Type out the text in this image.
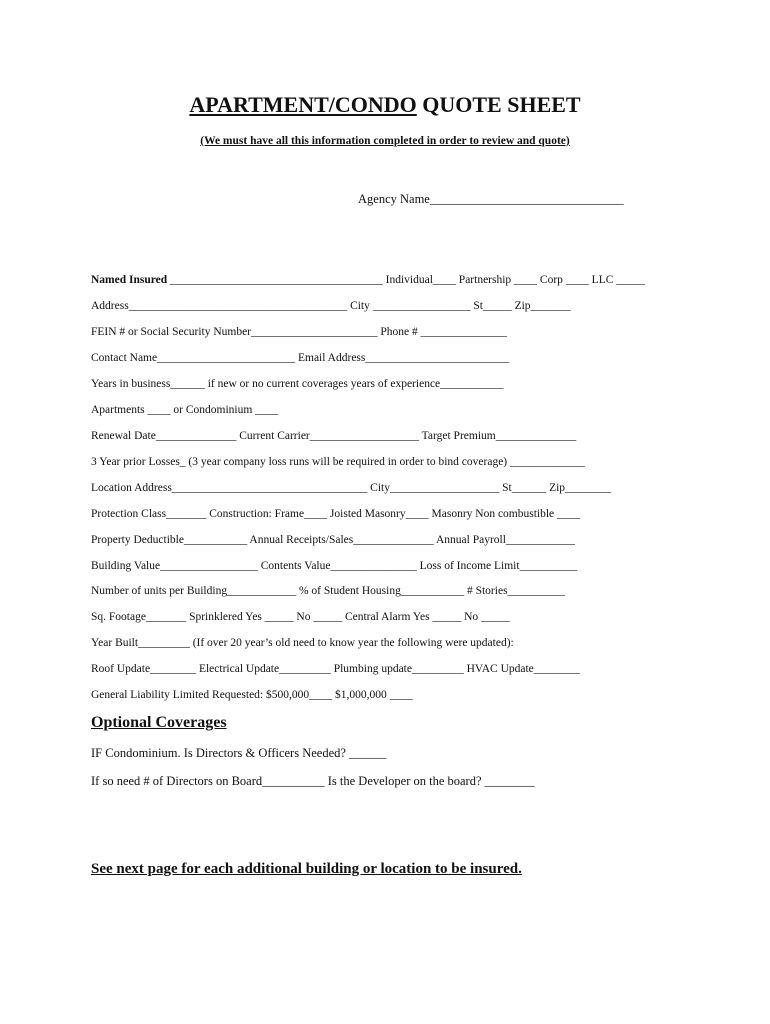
APARTMENT/CONDO QUOTE SHEET
(We must have all this information completed in order to review and quote)
Agency Name_______________________________
Named Insured _____________________________________ Individual____ Partnership ____ Corp ____ LLC _____
Address______________________________________ City _________________ St_____ Zip_______
FEIN # or Social Security Number______________________ Phone # _______________
Contact Name________________________ Email Address_________________________
Years in business______ if new or no current coverages years of experience___________
Apartments ____ or Condominium ____
Renewal Date______________ Current Carrier___________________ Target Premium______________
3 Year prior Losses_ (3 year company loss runs will be required in order to bind coverage) _____________
Location Address__________________________________ City___________________ St______ Zip________
Protection Class_______ Construction: Frame____ Joisted Masonry____ Masonry Non combustible ____
Property Deductible___________ Annual Receipts/Sales______________ Annual Payroll____________
Building Value_________________ Contents Value_______________ Loss of Income Limit__________
Number of units per Building____________ % of Student Housing___________ # Stories__________
Sq. Footage_______ Sprinklered Yes _____ No _____ Central Alarm Yes _____ No _____
Year Built_________ (If over 20 year’s old need to know year the following were updated):
Roof Update________ Electrical Update_________ Plumbing update_________ HVAC Update________
General Liability Limited Requested: $500,000____ $1,000,000 ____
Optional Coverages
IF Condominium. Is Directors & Officers Needed? ______
If so need # of Directors on Board__________ Is the Developer on the board? ________
See next page for each additional building or location to be insured.
